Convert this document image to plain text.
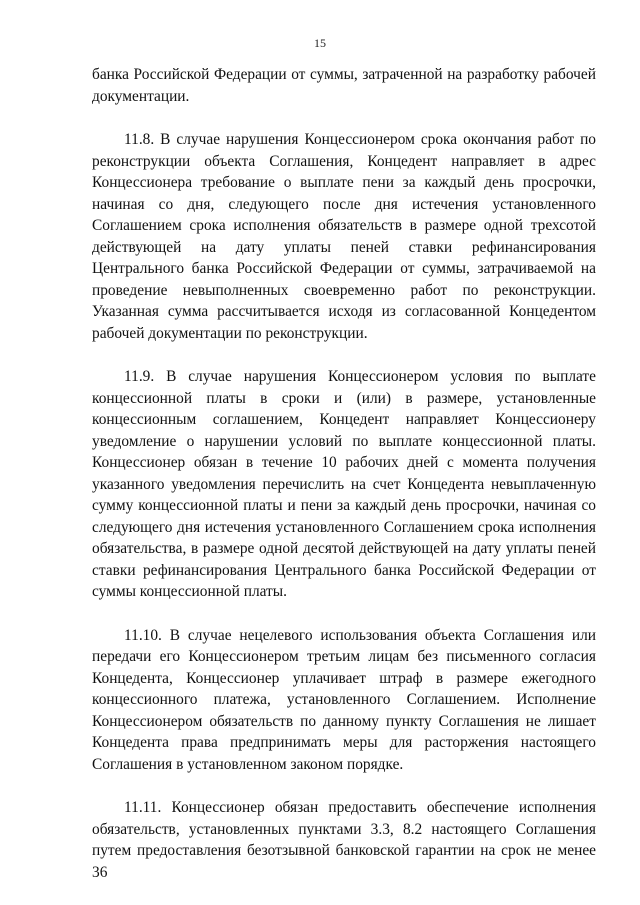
15

банка Российской Федерации от суммы, затраченной на разработку рабочей документации.

11.8. В случае нарушения Концессионером срока окончания работ по реконструкции объекта Соглашения, Концедент направляет в адрес Концессионера требование о выплате пени за каждый день просрочки, начиная со дня, следующего после дня истечения установленного Соглашением срока исполнения обязательств в размере одной трехсотой действующей на дату уплаты пеней ставки рефинансирования Центрального банка Российской Федерации от суммы, затрачиваемой на проведение невыполненных своевременно работ по реконструкции. Указанная сумма рассчитывается исходя из согласованной Концедентом рабочей документации по реконструкции.

11.9. В случае нарушения Концессионером условия по выплате концессионной платы в сроки и (или) в размере, установленные концессионным соглашением, Концедент направляет Концессионеру уведомление о нарушении условий по выплате концессионной платы. Концессионер обязан в течение 10 рабочих дней с момента получения указанного уведомления перечислить на счет Концедента невыплаченную сумму концессионной платы и пени за каждый день просрочки, начиная со следующего дня истечения установленного Соглашением срока исполнения обязательства, в размере одной десятой действующей на дату уплаты пеней ставки рефинансирования Центрального банка Российской Федерации от суммы концессионной платы.

11.10. В случае нецелевого использования объекта Соглашения или передачи его Концессионером третьим лицам без письменного согласия Концедента, Концессионер уплачивает штраф в размере ежегодного концессионного платежа, установленного Соглашением. Исполнение Концессионером обязательств по данному пункту Соглашения не лишает Концедента права предпринимать меры для расторжения настоящего Соглашения в установленном законом порядке.

11.11. Концессионер обязан предоставить обеспечение исполнения обязательств, установленных пунктами 3.3, 8.2 настоящего Соглашения путем предоставления безотзывной банковской гарантии на срок не менее 36
